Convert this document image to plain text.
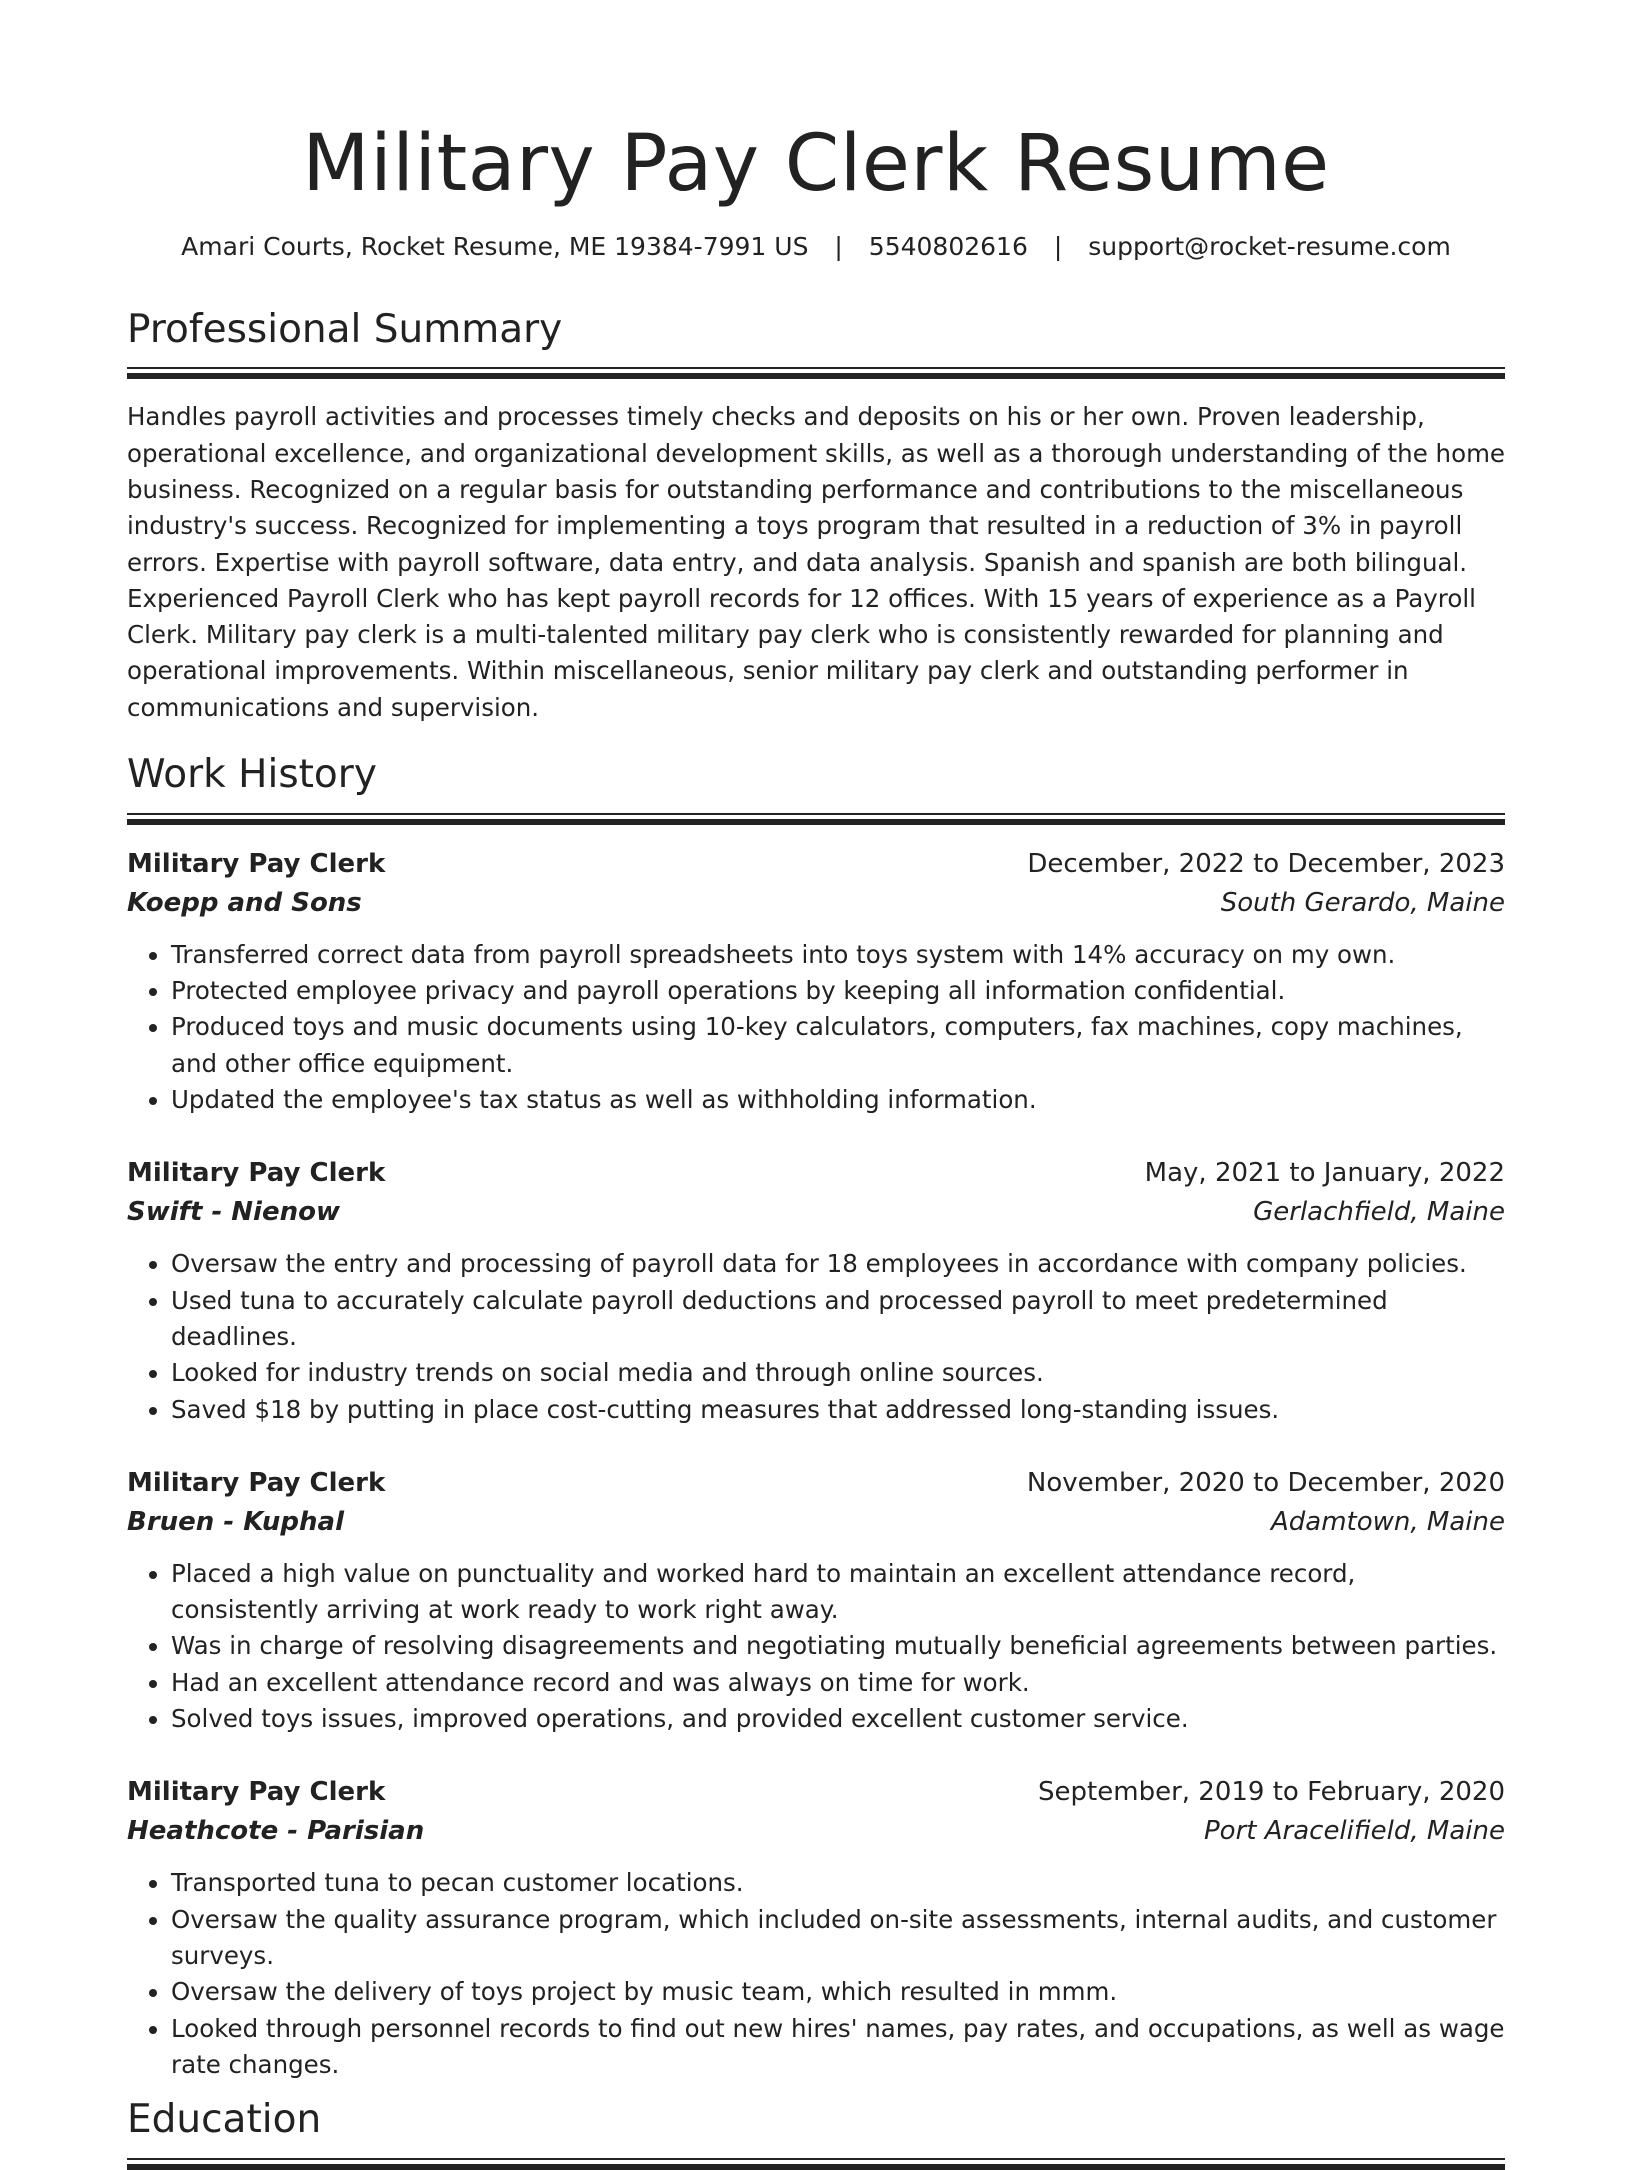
Military Pay Clerk Resume
Amari Courts, Rocket Resume, ME 19384-7991 US | 5540802616 | support@rocket-resume.com
Professional Summary

Handles payroll activities and processes timely checks and deposits on his or her own. Proven leadership, operational excellence, and organizational development skills, as well as a thorough understanding of the home business. Recognized on a regular basis for outstanding performance and contributions to the miscellaneous industry's success. Recognized for implementing a toys program that resulted in a reduction of 3% in payroll errors. Expertise with payroll software, data entry, and data analysis. Spanish and spanish are both bilingual. Experienced Payroll Clerk who has kept payroll records for 12 offices. With 15 years of experience as a Payroll Clerk. Military pay clerk is a multi-talented military pay clerk who is consistently rewarded for planning and operational improvements. Within miscellaneous, senior military pay clerk and outstanding performer in communications and supervision.

Work History
Military Pay Clerk	December, 2022 to December, 2023
Koepp and Sons	South Gerardo, Maine
• Transferred correct data from payroll spreadsheets into toys system with 14% accuracy on my own.
• Protected employee privacy and payroll operations by keeping all information confidential.
• Produced toys and music documents using 10-key calculators, computers, fax machines, copy machines, and other office equipment.
• Updated the employee's tax status as well as withholding information.
Military Pay Clerk	May, 2021 to January, 2022
Swift - Nienow	Gerlachfield, Maine
• Oversaw the entry and processing of payroll data for 18 employees in accordance with company policies.
• Used tuna to accurately calculate payroll deductions and processed payroll to meet predetermined deadlines.
• Looked for industry trends on social media and through online sources.
• Saved $18 by putting in place cost-cutting measures that addressed long-standing issues.
Military Pay Clerk	November, 2020 to December, 2020
Bruen - Kuphal	Adamtown, Maine
• Placed a high value on punctuality and worked hard to maintain an excellent attendance record, consistently arriving at work ready to work right away.
• Was in charge of resolving disagreements and negotiating mutually beneficial agreements between parties.
• Had an excellent attendance record and was always on time for work.
• Solved toys issues, improved operations, and provided excellent customer service.
Military Pay Clerk	September, 2019 to February, 2020
Heathcote - Parisian	Port Aracelifield, Maine
• Transported tuna to pecan customer locations.
• Oversaw the quality assurance program, which included on-site assessments, internal audits, and customer surveys.
• Oversaw the delivery of toys project by music team, which resulted in mmm.
• Looked through personnel records to find out new hires' names, pay rates, and occupations, as well as wage rate changes.
Education
